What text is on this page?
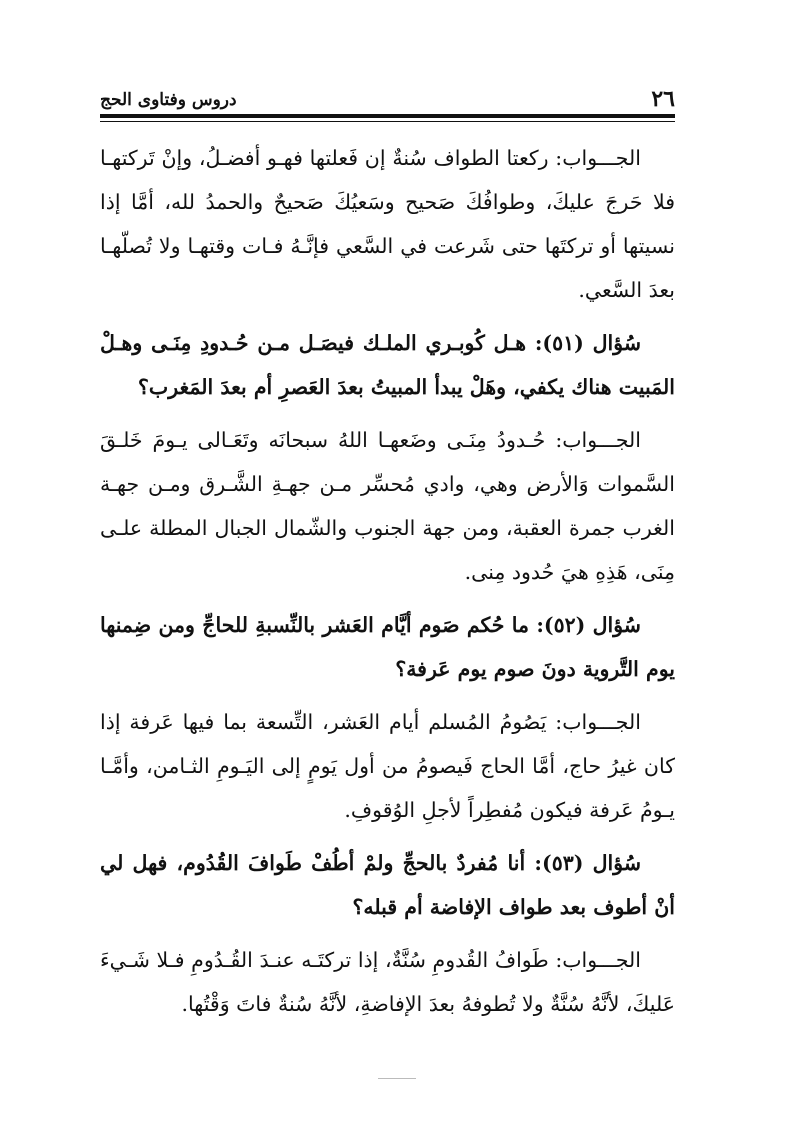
٢٦
دروس وفتاوى الحج

الجـــواب: ركعتا الطواف سُنةٌ إن فَعلتها فهـو أفضـلُ، وإنْ تَركتهـا فلا حَرجَ عليكَ، وطوافُكَ صَحيح وسَعيُكَ صَحيحٌ والحمدُ لله، أمَّا إذا نسيتها أو تركتَها حتى شَرعت في السَّعي فإنَّـهُ فـات وقتهـا ولا تُصلّهـا بعدَ السَّعي.

سُؤال (٥١): هـل كُوبـري الملـك فيصَـل مـن حُـدودِ مِنَـى وهـلْ المَبيت هناك يكفي، وهَلْ يبدأ المبيتُ بعدَ العَصرِ أم بعدَ المَغرب؟

الجـــواب: حُـدودُ مِنَـى وضَعهـا اللهُ سبحانَه وتَعَـالى يـومَ خَلـقَ السَّموات وَالأرض وهي، وادي مُحسِّر مـن جهـةِ الشَّـرق ومـن جهـة الغرب جمرة العقبة، ومن جهة الجنوب والشّمال الجبال المطلة علـى مِنَى، هَذِهِ هيَ حُدود مِنى.

سُؤال (٥٢): ما حُكم صَوم أيَّام العَشر بالنِّسبةِ للحاجِّ ومن ضِمنها يوم التَّروية دونَ صوم يوم عَرفة؟

الجـــواب: يَصُومُ المُسلم أيام العَشر، التِّسعة بما فيها عَرفة إذا كان غيرُ حاج، أمَّا الحاج فَيصومُ من أول يَومٍ إلى اليَـومِ الثـامن، وأمَّـا يـومُ عَرفة فيكون مُفطِراً لأجلِ الوُقوفِ.

سُؤال (٥٣): أنا مُفردٌ بالحجِّ ولمْ أطُفْ طَوافَ القُدُوم، فهل لي أنْ أطوف بعد طواف الإفاضة أم قبله؟

الجـــواب: طَوافُ القُدومِ سُنَّةٌ، إذا تركتَـه عنـدَ القُـدُومِ فـلا شَـيءَ عَليكَ، لأنَّهُ سُنَّةٌ ولا تُطوفهُ بعدَ الإفاضةِ، لأنَّهُ سُنةٌ فاتَ وَقْتُها.
